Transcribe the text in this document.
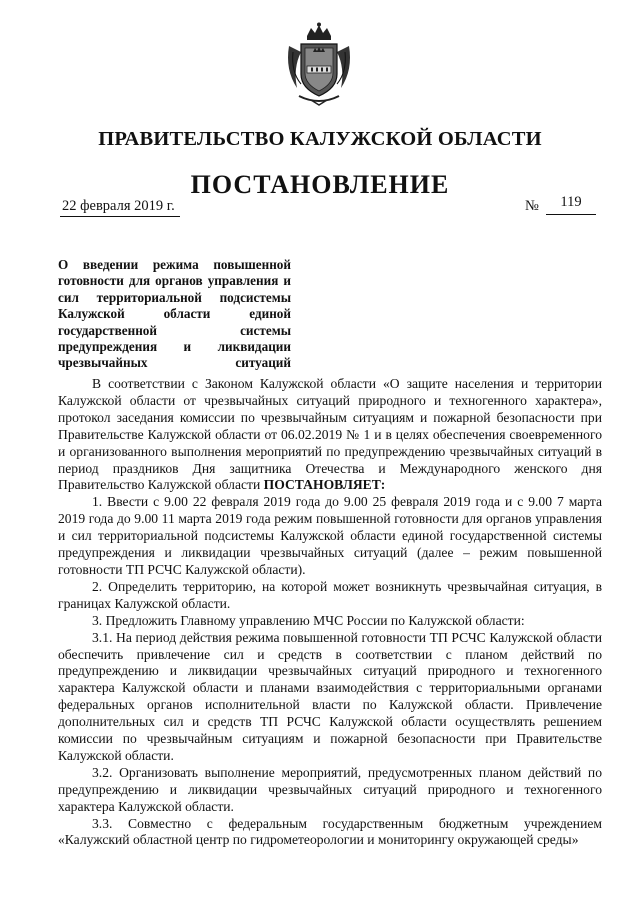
ПРАВИТЕЛЬСТВО КАЛУЖСКОЙ ОБЛАСТИ
ПОСТАНОВЛЕНИЕ
22 февраля 2019 г.	№	119
О введении режима повышенной готовности для органов управления и сил территориальной подсистемы Калужской области единой государственной системы предупреждения и ликвидации чрезвычайных ситуаций

В соответствии с Законом Калужской области «О защите населения и территории Калужской области от чрезвычайных ситуаций природного и техногенного характера», протокол заседания комиссии по чрезвычайным ситуациям и пожарной безопасности при Правительстве Калужской области от 06.02.2019 № 1 и в целях обеспечения своевременного и организованного выполнения мероприятий по предупреждению чрезвычайных ситуаций в период праздников Дня защитника Отечества и Международного женского дня Правительство Калужской области ПОСТАНОВЛЯЕТ:

1. Ввести с 9.00 22 февраля 2019 года до 9.00 25 февраля 2019 года и с 9.00 7 марта 2019 года до 9.00 11 марта 2019 года режим повышенной готовности для органов управления и сил территориальной подсистемы Калужской области единой государственной системы предупреждения и ликвидации чрезвычайных ситуаций (далее – режим повышенной готовности ТП РСЧС Калужской области).

2. Определить территорию, на которой может возникнуть чрезвычайная ситуация, в границах Калужской области.

3. Предложить Главному управлению МЧС России по Калужской области:

3.1. На период действия режима повышенной готовности ТП РСЧС Калужской области обеспечить привлечение сил и средств в соответствии с планом действий по предупреждению и ликвидации чрезвычайных ситуаций природного и техногенного характера Калужской области и планами взаимодействия с территориальными органами федеральных органов исполнительной власти по Калужской области. Привлечение дополнительных сил и средств ТП РСЧС Калужской области осуществлять решением комиссии по чрезвычайным ситуациям и пожарной безопасности при Правительстве Калужской области.

3.2. Организовать выполнение мероприятий, предусмотренных планом действий по предупреждению и ликвидации чрезвычайных ситуаций природного и техногенного характера Калужской области.

3.3. Совместно с федеральным государственным бюджетным учреждением «Калужский областной центр по гидрометеорологии и мониторингу окружающей среды»
